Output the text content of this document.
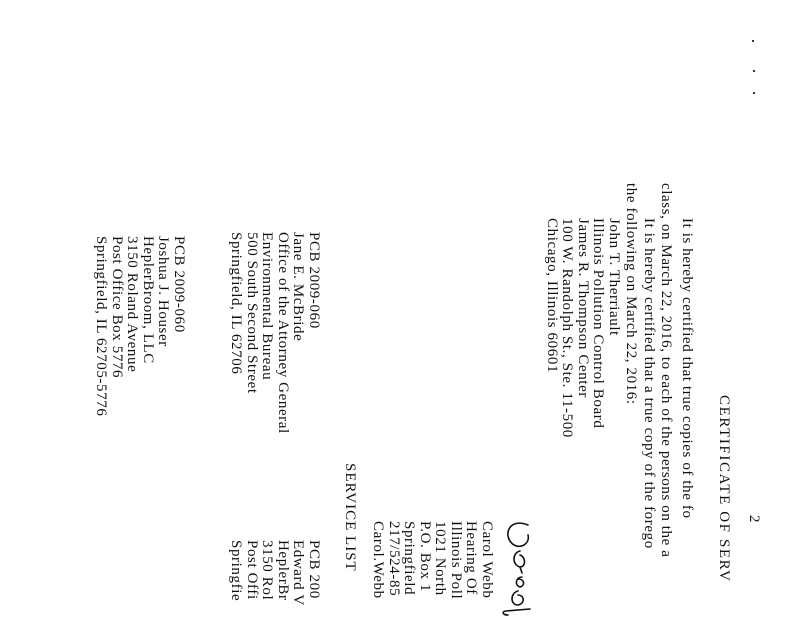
2
CERTIFICATE OF SERV
It is hereby certified that true copies of the fo
class, on March 22, 2016, to each of the persons on the a
It is hereby certified that a true copy of the forego
the following on March 22, 2016:
John T. Therriault
Illinois Pollution Control Board
James R. Thompson Center
100 W. Randolph St., Ste. 11-500
Chicago, Illinois 60601
Carol Webb
Hearing Of
Illinois Poll
1021 North
P.O. Box 1
Springfield
217/524-85
Carol.Webb
SERVICE LIST
PCB 2009-060
Jane E. McBride
Office of the Attorney General
Environmental Bureau
500 South Second Street
Springfield, IL 62706
PCB 200
Edward V
HeplerBr
3150 Rol
Post Offi
Springfie
PCB 2009-060
Joshua J. Houser
HeplerBroom, LLC
3150 Roland Avenue
Post Office Box 5776
Springfield, IL 62705-5776
